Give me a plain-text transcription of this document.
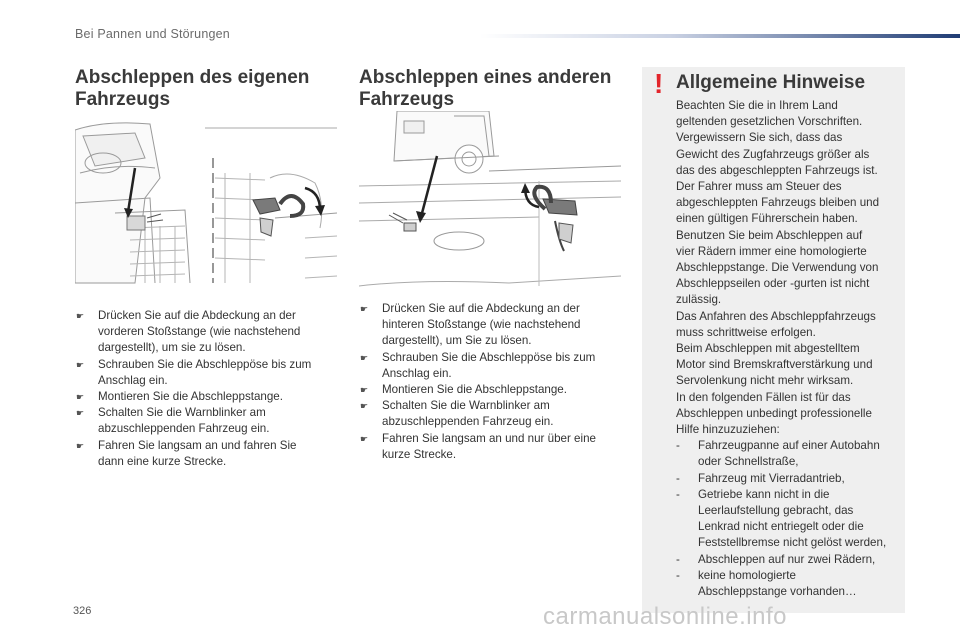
Bei Pannen und Störungen
Abschleppen des eigenen
Fahrzeugs
☛ Drücken Sie auf die Abdeckung an der
vorderen Stoßstange (wie nachstehend
dargestellt), um sie zu lösen.
☛ Schrauben Sie die Abschleppöse bis zum
Anschlag ein.
☛ Montieren Sie die Abschleppstange.
☛ Schalten Sie die Warnblinker am
abzuschleppenden Fahrzeug ein.
☛ Fahren Sie langsam an und fahren Sie
dann eine kurze Strecke.
Abschleppen eines anderen
Fahrzeugs
☛ Drücken Sie auf die Abdeckung an der
hinteren Stoßstange (wie nachstehend
dargestellt), um Sie zu lösen.
☛ Schrauben Sie die Abschleppöse bis zum
Anschlag ein.
☛ Montieren Sie die Abschleppstange.
☛ Schalten Sie die Warnblinker am
abzuschleppenden Fahrzeug ein.
☛ Fahren Sie langsam an und nur über eine
kurze Strecke.
! Allgemeine Hinweise

Beachten Sie die in Ihrem Land
geltenden gesetzlichen Vorschriften.
Vergewissern Sie sich, dass das
Gewicht des Zugfahrzeugs größer als
das des abgeschleppten Fahrzeugs ist.
Der Fahrer muss am Steuer des
abgeschleppten Fahrzeugs bleiben und
einen gültigen Führerschein haben.
Benutzen Sie beim Abschleppen auf
vier Rädern immer eine homologierte
Abschleppstange. Die Verwendung von
Abschleppseilen oder -gurten ist nicht
zulässig.
Das Anfahren des Abschleppfahrzeugs
muss schrittweise erfolgen.
Beim Abschleppen mit abgestelltem
Motor sind Bremskraftverstärkung und
Servolenkung nicht mehr wirksam.
In den folgenden Fällen ist für das
Abschleppen unbedingt professionelle
Hilfe hinzuzuziehen:

- Fahrzeugpanne auf einer Autobahn
oder Schnellstraße,
- Fahrzeug mit Vierradantrieb,
- Getriebe kann nicht in die
Leerlaufstellung gebracht, das
Lenkrad nicht entriegelt oder die
Feststellbremse nicht gelöst werden,
- Abschleppen auf nur zwei Rädern,
- keine homologierte
Abschleppstange vorhanden…
326	carmanualsonline.info
